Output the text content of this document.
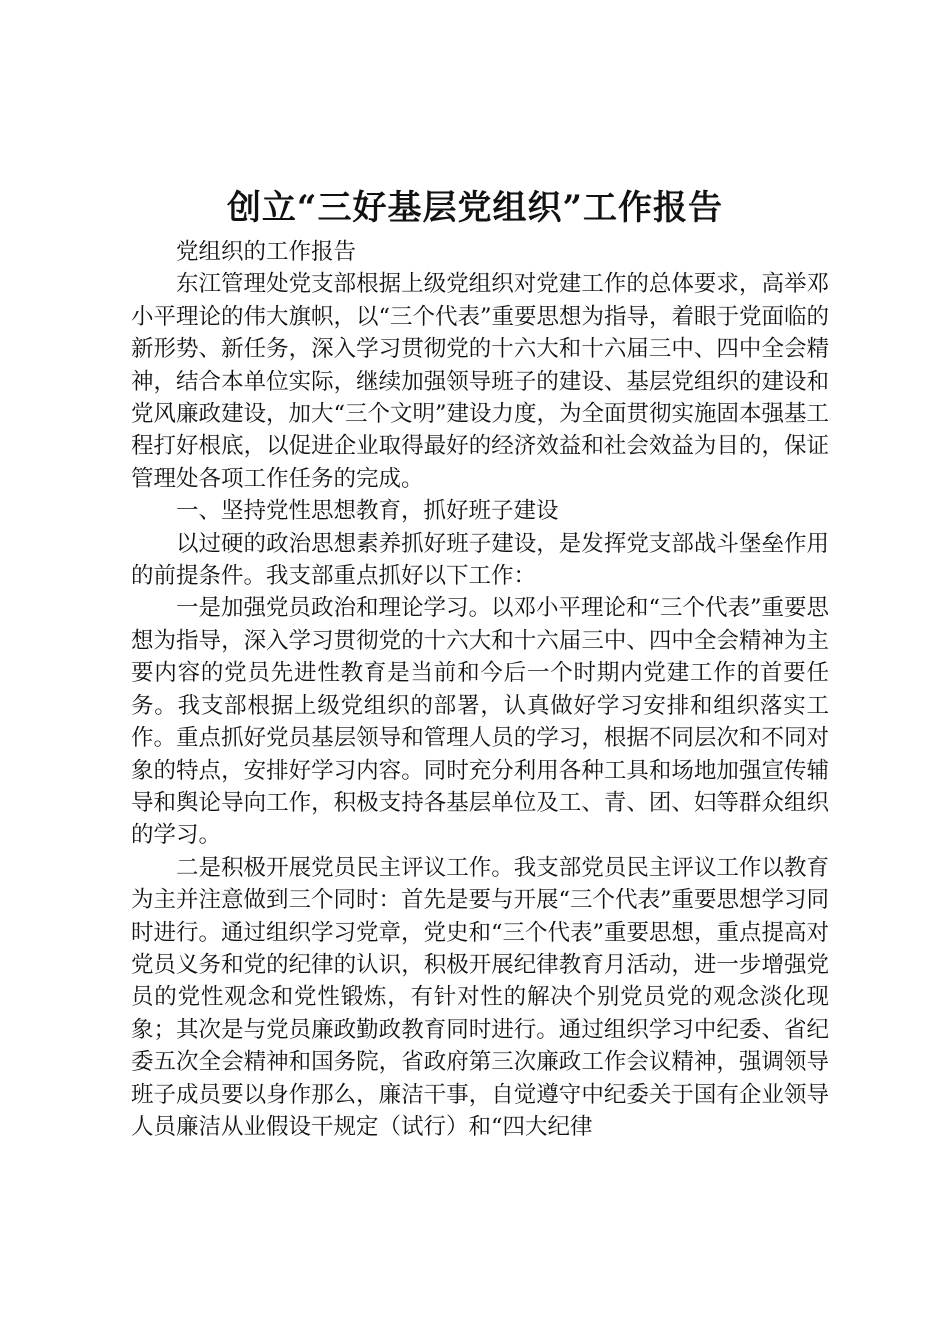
创立“三好基层党组织”工作报告

党组织的工作报告

东江管理处党支部根据上级党组织对党建工作的总体要求，高举邓小平理论的伟大旗帜，以“三个代表”重要思想为指导，着眼于党面临的新形势、新任务，深入学习贯彻党的十六大和十六届三中、四中全会精神，结合本单位实际，继续加强领导班子的建设、基层党组织的建设和党风廉政建设，加大“三个文明”建设力度，为全面贯彻实施固本强基工程打好根底，以促进企业取得最好的经济效益和社会效益为目的，保证管理处各项工作任务的完成。

一、坚持党性思想教育，抓好班子建设

以过硬的政治思想素养抓好班子建设，是发挥党支部战斗堡垒作用的前提条件。我支部重点抓好以下工作：

一是加强党员政治和理论学习。以邓小平理论和“三个代表”重要思想为指导，深入学习贯彻党的十六大和十六届三中、四中全会精神为主要内容的党员先进性教育是当前和今后一个时期内党建工作的首要任务。我支部根据上级党组织的部署，认真做好学习安排和组织落实工作。重点抓好党员基层领导和管理人员的学习，根据不同层次和不同对象的特点，安排好学习内容。同时充分利用各种工具和场地加强宣传辅导和舆论导向工作，积极支持各基层单位及工、青、团、妇等群众组织的学习。

二是积极开展党员民主评议工作。我支部党员民主评议工作以教育为主并注意做到三个同时：首先是要与开展“三个代表”重要思想学习同时进行。通过组织学习党章，党史和“三个代表”重要思想，重点提高对党员义务和党的纪律的认识，积极开展纪律教育月活动，进一步增强党员的党性观念和党性锻炼，有针对性的解决个别党员党的观念淡化现象；其次是与党员廉政勤政教育同时进行。通过组织学习中纪委、省纪委五次全会精神和国务院，省政府第三次廉政工作会议精神，强调领导班子成员要以身作那么，廉洁干事，自觉遵守中纪委关于国有企业领导人员廉洁从业假设干规定（试行）和“四大纪律
